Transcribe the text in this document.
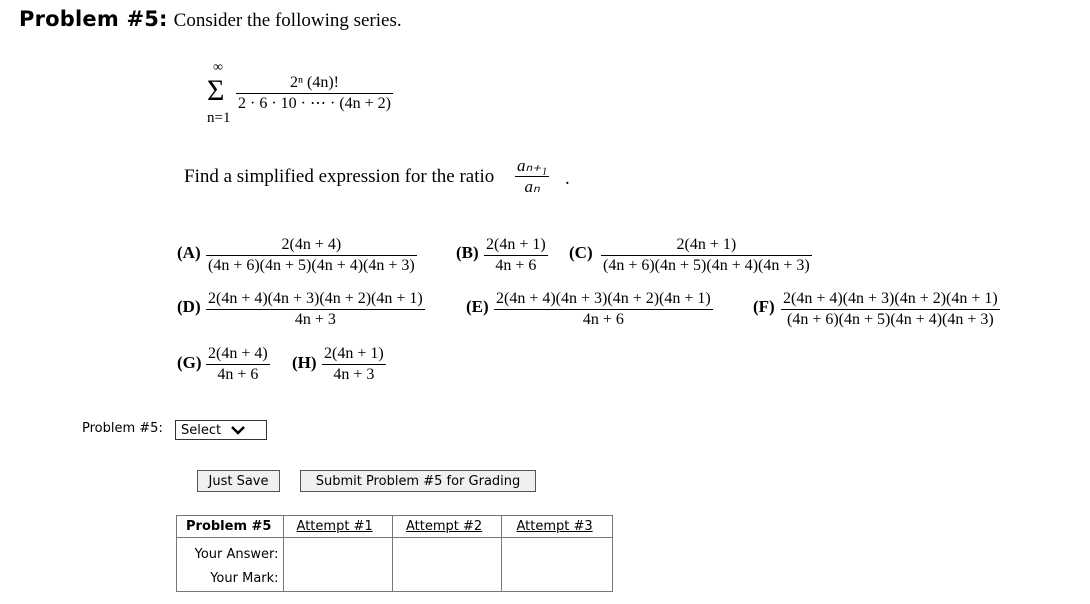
Problem #5: Consider the following series.
∞
Σ
n=1
2ⁿ (4n)!
2 · 6 · 10 · ⋯ · (4n + 2)
Find a simplified expression for the ratio
aₙ₊₁
aₙ .
(A)	2(4n + 4)
(4n + 6)(4n + 5)(4n + 4)(4n + 3)
(B) 2(4n + 1)
4n + 6
(C)	2(4n + 1)
(4n + 6)(4n + 5)(4n + 4)(4n + 3)
(D) 2(4n + 4)(4n + 3)(4n + 2)(4n + 1)
4n + 3
(E) 2(4n + 4)(4n + 3)(4n + 2)(4n + 1)
4n + 6
(F) 2(4n + 4)(4n + 3)(4n + 2)(4n + 1)
(4n + 6)(4n + 5)(4n + 4)(4n + 3)
(G) 2(4n + 4)
4n + 6
(H) 2(4n + 1)
4n + 3
Problem #5: Select
Just Save	Submit Problem #5 for Grading
Problem #5	Attempt #1	Attempt #2	Attempt #3

Your Answer:
Your Mark:			
